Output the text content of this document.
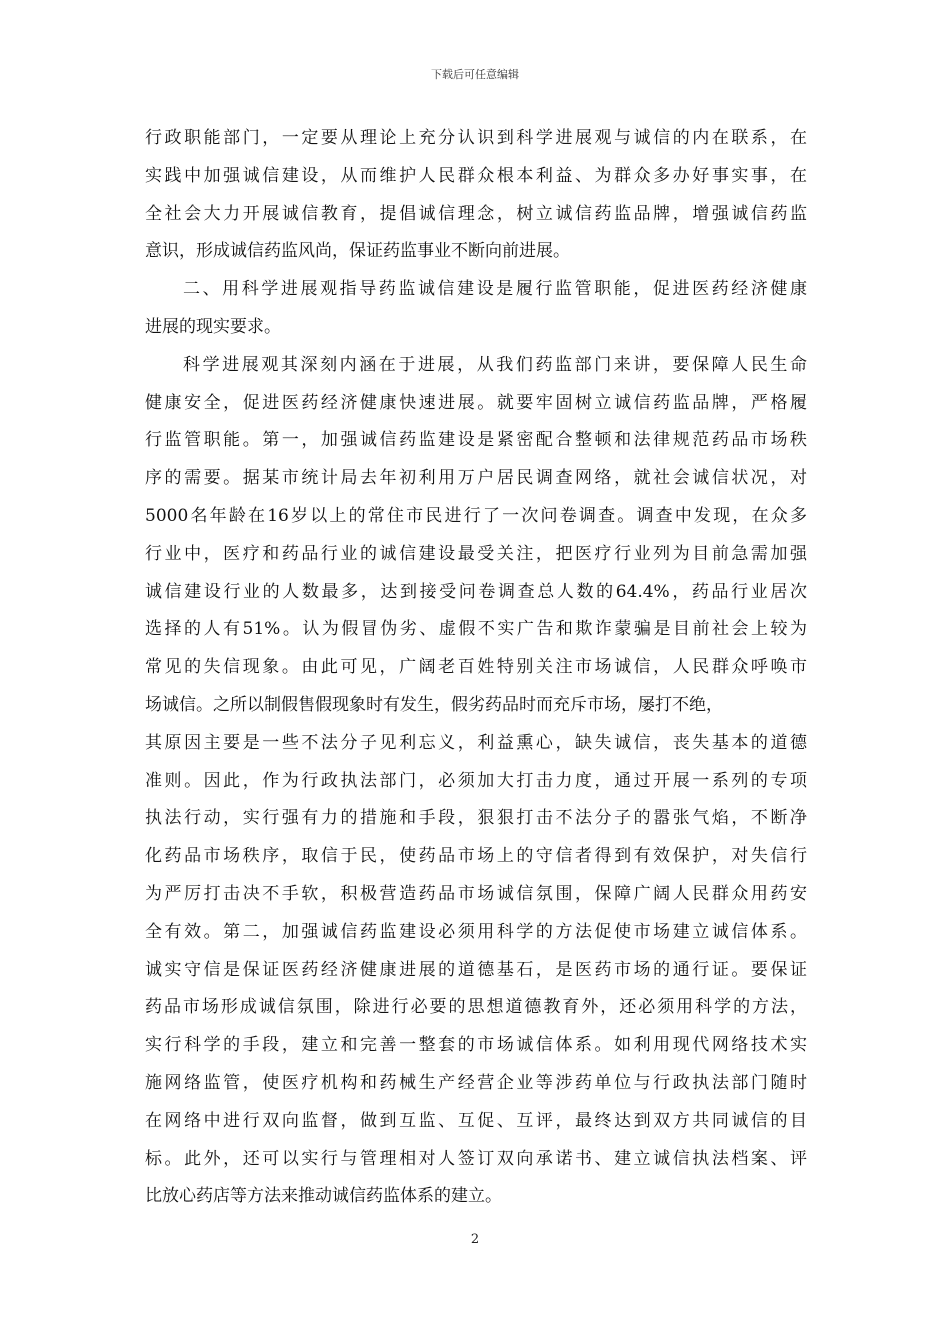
下载后可任意编辑
行政职能部门，一定要从理论上充分认识到科学进展观与诚信的内在联系，在
实践中加强诚信建设，从而维护人民群众根本利益、为群众多办好事实事，在
全社会大力开展诚信教育，提倡诚信理念，树立诚信药监品牌，增强诚信药监
意识，形成诚信药监风尚，保证药监事业不断向前进展。
二、用科学进展观指导药监诚信建设是履行监管职能，促进医药经济健康
进展的现实要求。
科学进展观其深刻内涵在于进展，从我们药监部门来讲，要保障人民生命
健康安全，促进医药经济健康快速进展。就要牢固树立诚信药监品牌，严格履
行监管职能。第一，加强诚信药监建设是紧密配合整顿和法律规范药品市场秩
序的需要。据某市统计局去年初利用万户居民调查网络，就社会诚信状况，对
5000名年龄在16岁以上的常住市民进行了一次问卷调查。调查中发现，在众多
行业中，医疗和药品行业的诚信建设最受关注，把医疗行业列为目前急需加强
诚信建设行业的人数最多，达到接受问卷调查总人数的64.4%，药品行业居次
选择的人有51%。认为假冒伪劣、虚假不实广告和欺诈蒙骗是目前社会上较为
常见的失信现象。由此可见，广阔老百姓特别关注市场诚信，人民群众呼唤市
场诚信。之所以制假售假现象时有发生，假劣药品时而充斥市场，屡打不绝，
其原因主要是一些不法分子见利忘义，利益熏心，缺失诚信，丧失基本的道德
准则。因此，作为行政执法部门，必须加大打击力度，通过开展一系列的专项
执法行动，实行强有力的措施和手段，狠狠打击不法分子的嚣张气焰，不断净
化药品市场秩序，取信于民，使药品市场上的守信者得到有效保护，对失信行
为严厉打击决不手软，积极营造药品市场诚信氛围，保障广阔人民群众用药安
全有效。第二，加强诚信药监建设必须用科学的方法促使市场建立诚信体系。
诚实守信是保证医药经济健康进展的道德基石，是医药市场的通行证。要保证
药品市场形成诚信氛围，除进行必要的思想道德教育外，还必须用科学的方法，
实行科学的手段，建立和完善一整套的市场诚信体系。如利用现代网络技术实
施网络监管，使医疗机构和药械生产经营企业等涉药单位与行政执法部门随时
在网络中进行双向监督，做到互监、互促、互评，最终达到双方共同诚信的目
标。此外，还可以实行与管理相对人签订双向承诺书、建立诚信执法档案、评
比放心药店等方法来推动诚信药监体系的建立。
2
